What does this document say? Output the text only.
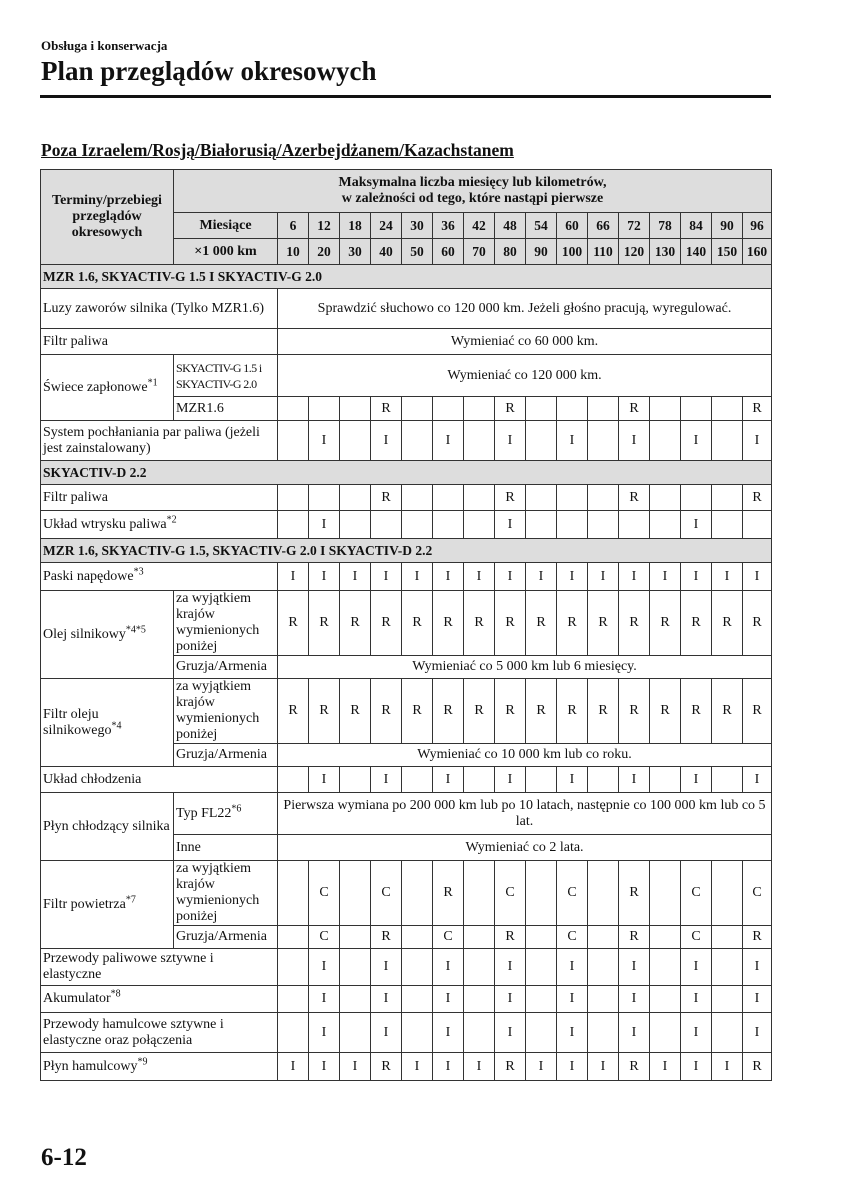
Obsługa i konserwacja
Plan przeglądów okresowych
Poza Izraelem/Rosją/Białorusią/Azerbejdżanem/Kazachstanem
Terminy/przebiegi
przeglądów
okresowych	Maksymalna liczba miesięcy lub kilometrów,
w zależności od tego, które nastąpi pierwsze																
	Miesiące	6	12	18	24	30	36	42	48	54	60	66	72	78	84	90	96
	×1 000 km	10	20	30	40	50	60	70	80	90	100	110	120	130	140	150	160
MZR 1.6, SKYACTIV-G 1.5 I SKYACTIV-G 2.0																	
Luzy zaworów silnika (Tylko MZR1.6)		Sprawdzić słuchowo co 120 000 km. Jeżeli głośno pracują, wyregulować.															
Filtr paliwa		Wymieniać co 60 000 km.															
Świece zapłonowe$^{*1}$	SKYACTIV-G 1.5 i SKYACTIV-G 2.0	Wymieniać co 120 000 km.															
	MZR1.6				R				R				R				R
System pochłaniania par paliwa (jeżeli jest zainstalowany)			I		I		I		I		I		I		I		I
SKYACTIV-D 2.2																	
Filtr paliwa					R				R				R				R
Układ wtrysku paliwa$^{*2}$			I						I						I		
MZR 1.6, SKYACTIV-G 1.5, SKYACTIV-G 2.0 I SKYACTIV-D 2.2																	
Paski napędowe$^{*3}$		I	I	I	I	I	I	I	I	I	I	I	I	I	I	I	I
Olej silnikowy$^{*4*5}$	za wyjątkiem krajów wymienionych poniżej	R	R	R	R	R	R	R	R	R	R	R	R	R	R	R	R
	Gruzja/Armenia	Wymieniać co 5 000 km lub 6 miesięcy.															
Filtr oleju silnikowego$^{*4}$	za wyjątkiem krajów wymienionych poniżej	R	R	R	R	R	R	R	R	R	R	R	R	R	R	R	R
	Gruzja/Armenia	Wymieniać co 10 000 km lub co roku.															
Układ chłodzenia			I		I		I		I		I		I		I		I
Płyn chłodzący silnika	Typ FL22$^{*6}$	Pierwsza wymiana po 200 000 km lub po 10 latach, następnie co 100 000 km lub co 5 lat.															
	Inne	Wymieniać co 2 lata.															
Filtr powietrza$^{*7}$	za wyjątkiem krajów wymienionych poniżej		C		C		R		C		C		R		C		C
	Gruzja/Armenia		C		R		C		R		C		R		C		R
Przewody paliwowe sztywne i elastyczne			I		I		I		I		I		I		I		I
Akumulator$^{*8}$			I		I		I		I		I		I		I		I
Przewody hamulcowe sztywne i elastyczne oraz połączenia			I		I		I		I		I		I		I		I
Płyn hamulcowy$^{*9}$		I	I	I	R	I	I	I	R	I	I	I	R	I	I	I	R
6-12
